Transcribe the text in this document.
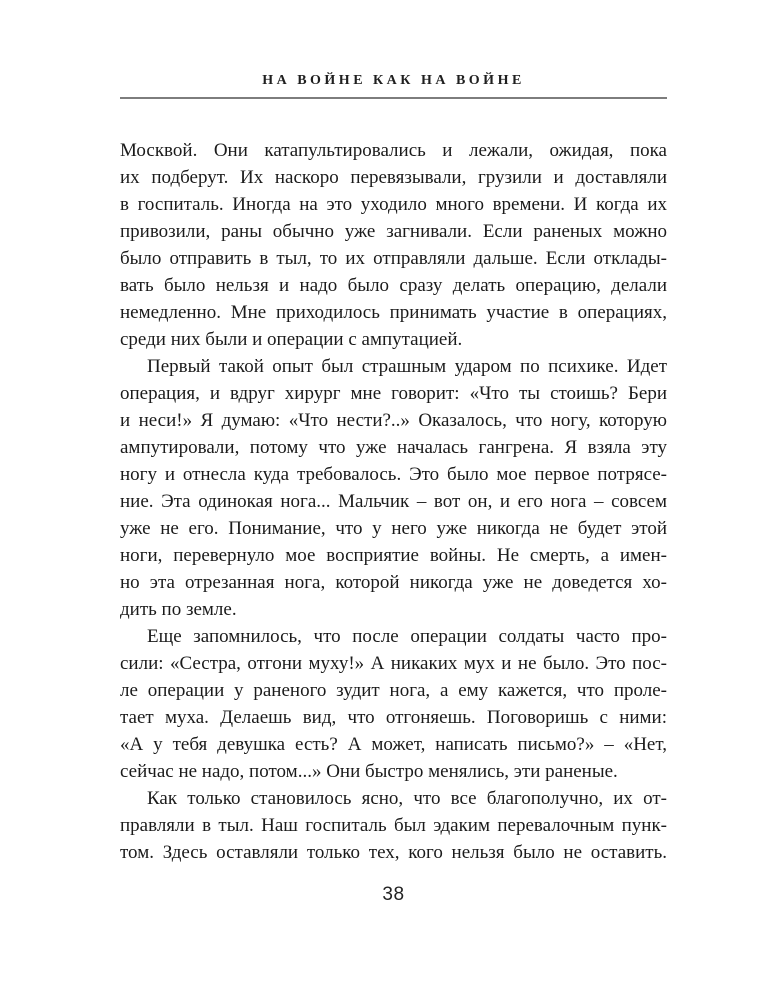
НА ВОЙНЕ КАК НА ВОЙНЕ
Москвой. Они катапультировались и лежали, ожидая, пока
их подберут. Их наскоро перевязывали, грузили и доставляли
в госпиталь. Иногда на это уходило много времени. И когда их
привозили, раны обычно уже загнивали. Если раненых можно
было отправить в тыл, то их отправляли дальше. Если отклады-
вать было нельзя и надо было сразу делать операцию, делали
немедленно. Мне приходилось принимать участие в операциях,
среди них были и операции с ампутацией.
Первый такой опыт был страшным ударом по психике. Идет
операция, и вдруг хирург мне говорит: «Что ты стоишь? Бери
и неси!» Я думаю: «Что нести?..» Оказалось, что ногу, которую
ампутировали, потому что уже началась гангрена. Я взяла эту
ногу и отнесла куда требовалось. Это было мое первое потрясе-
ние. Эта одинокая нога... Мальчик – вот он, и его нога – совсем
уже не его. Понимание, что у него уже никогда не будет этой
ноги, перевернуло мое восприятие войны. Не смерть, а имен-
но эта отрезанная нога, которой никогда уже не доведется хо-
дить по земле.
Еще запомнилось, что после операции солдаты часто про-
сили: «Сестра, отгони муху!» А никаких мух и не было. Это пос-
ле операции у раненого зудит нога, а ему кажется, что проле-
тает муха. Делаешь вид, что отгоняешь. Поговоришь с ними:
«А у тебя девушка есть? А может, написать письмо?» – «Нет,
сейчас не надо, потом...» Они быстро менялись, эти раненые.
Как только становилось ясно, что все благополучно, их от-
правляли в тыл. Наш госпиталь был эдаким перевалочным пунк-
том. Здесь оставляли только тех, кого нельзя было не оставить.
38
